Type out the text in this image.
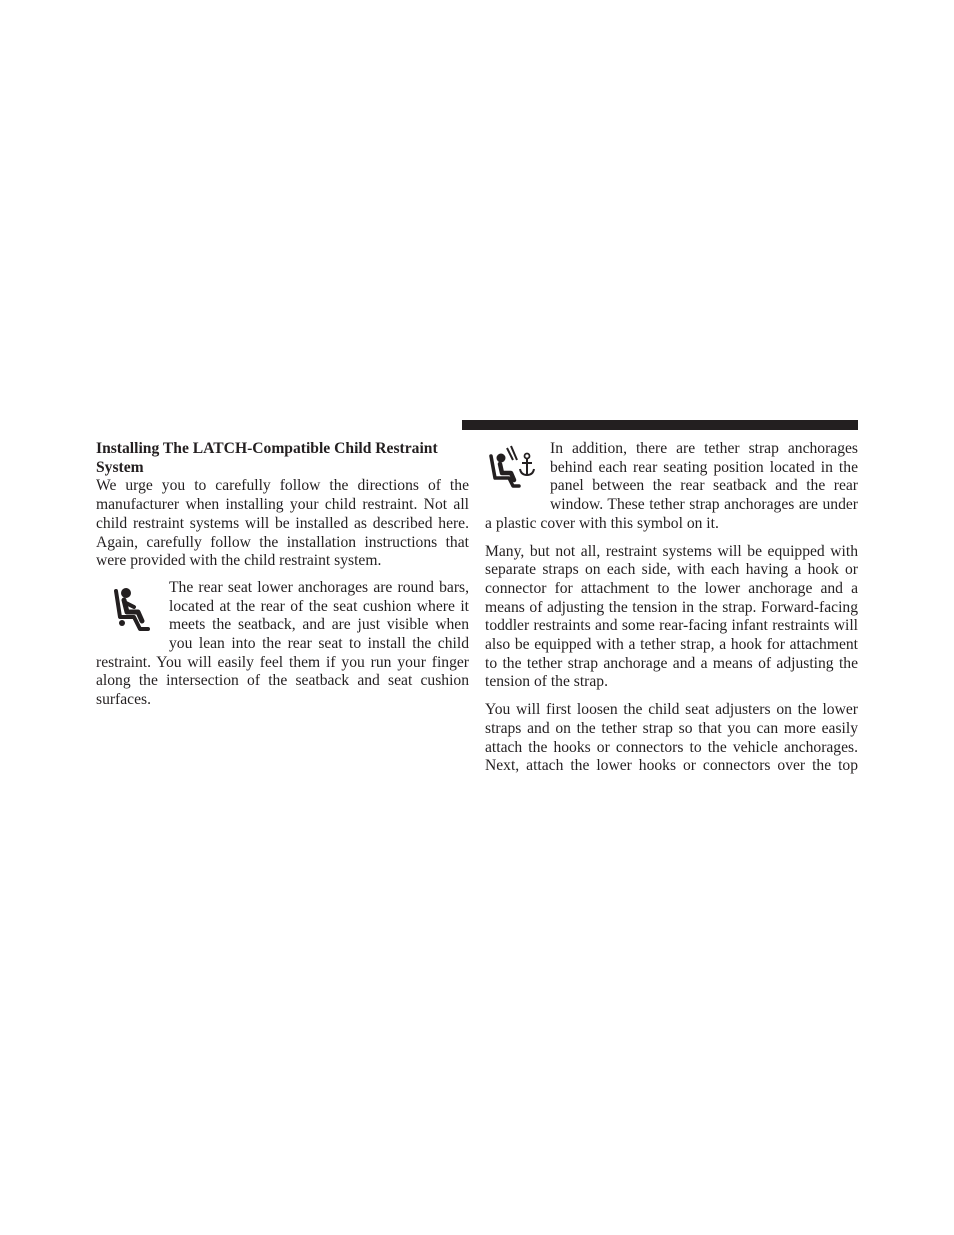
Installing The LATCH-Compatible Child Restraint System

We urge you to carefully follow the directions of the manufacturer when installing your child restraint. Not all child restraint systems will be installed as described here. Again, carefully follow the installation instructions that were provided with the child restraint system.

The rear seat lower anchorages are round bars, located at the rear of the seat cushion where it meets the seatback, and are just visible when you lean into the rear seat to install the child restraint. You will easily feel them if you run your finger along the intersection of the seatback and seat cushion surfaces.

In addition, there are tether strap anchorages behind each rear seating position located in the panel between the rear seatback and the rear window. These tether strap anchorages are under a plastic cover with this symbol on it.

Many, but not all, restraint systems will be equipped with separate straps on each side, with each having a hook or connector for attachment to the lower anchorage and a means of adjusting the tension in the strap. Forward-facing toddler restraints and some rear-facing infant restraints will also be equipped with a tether strap, a hook for attachment to the tether strap anchorage and a means of adjusting the tension of the strap.

You will first loosen the child seat adjusters on the lower straps and on the tether strap so that you can more easily attach the hooks or connectors to the vehicle anchorages. Next, attach the lower hooks or connectors over the top
